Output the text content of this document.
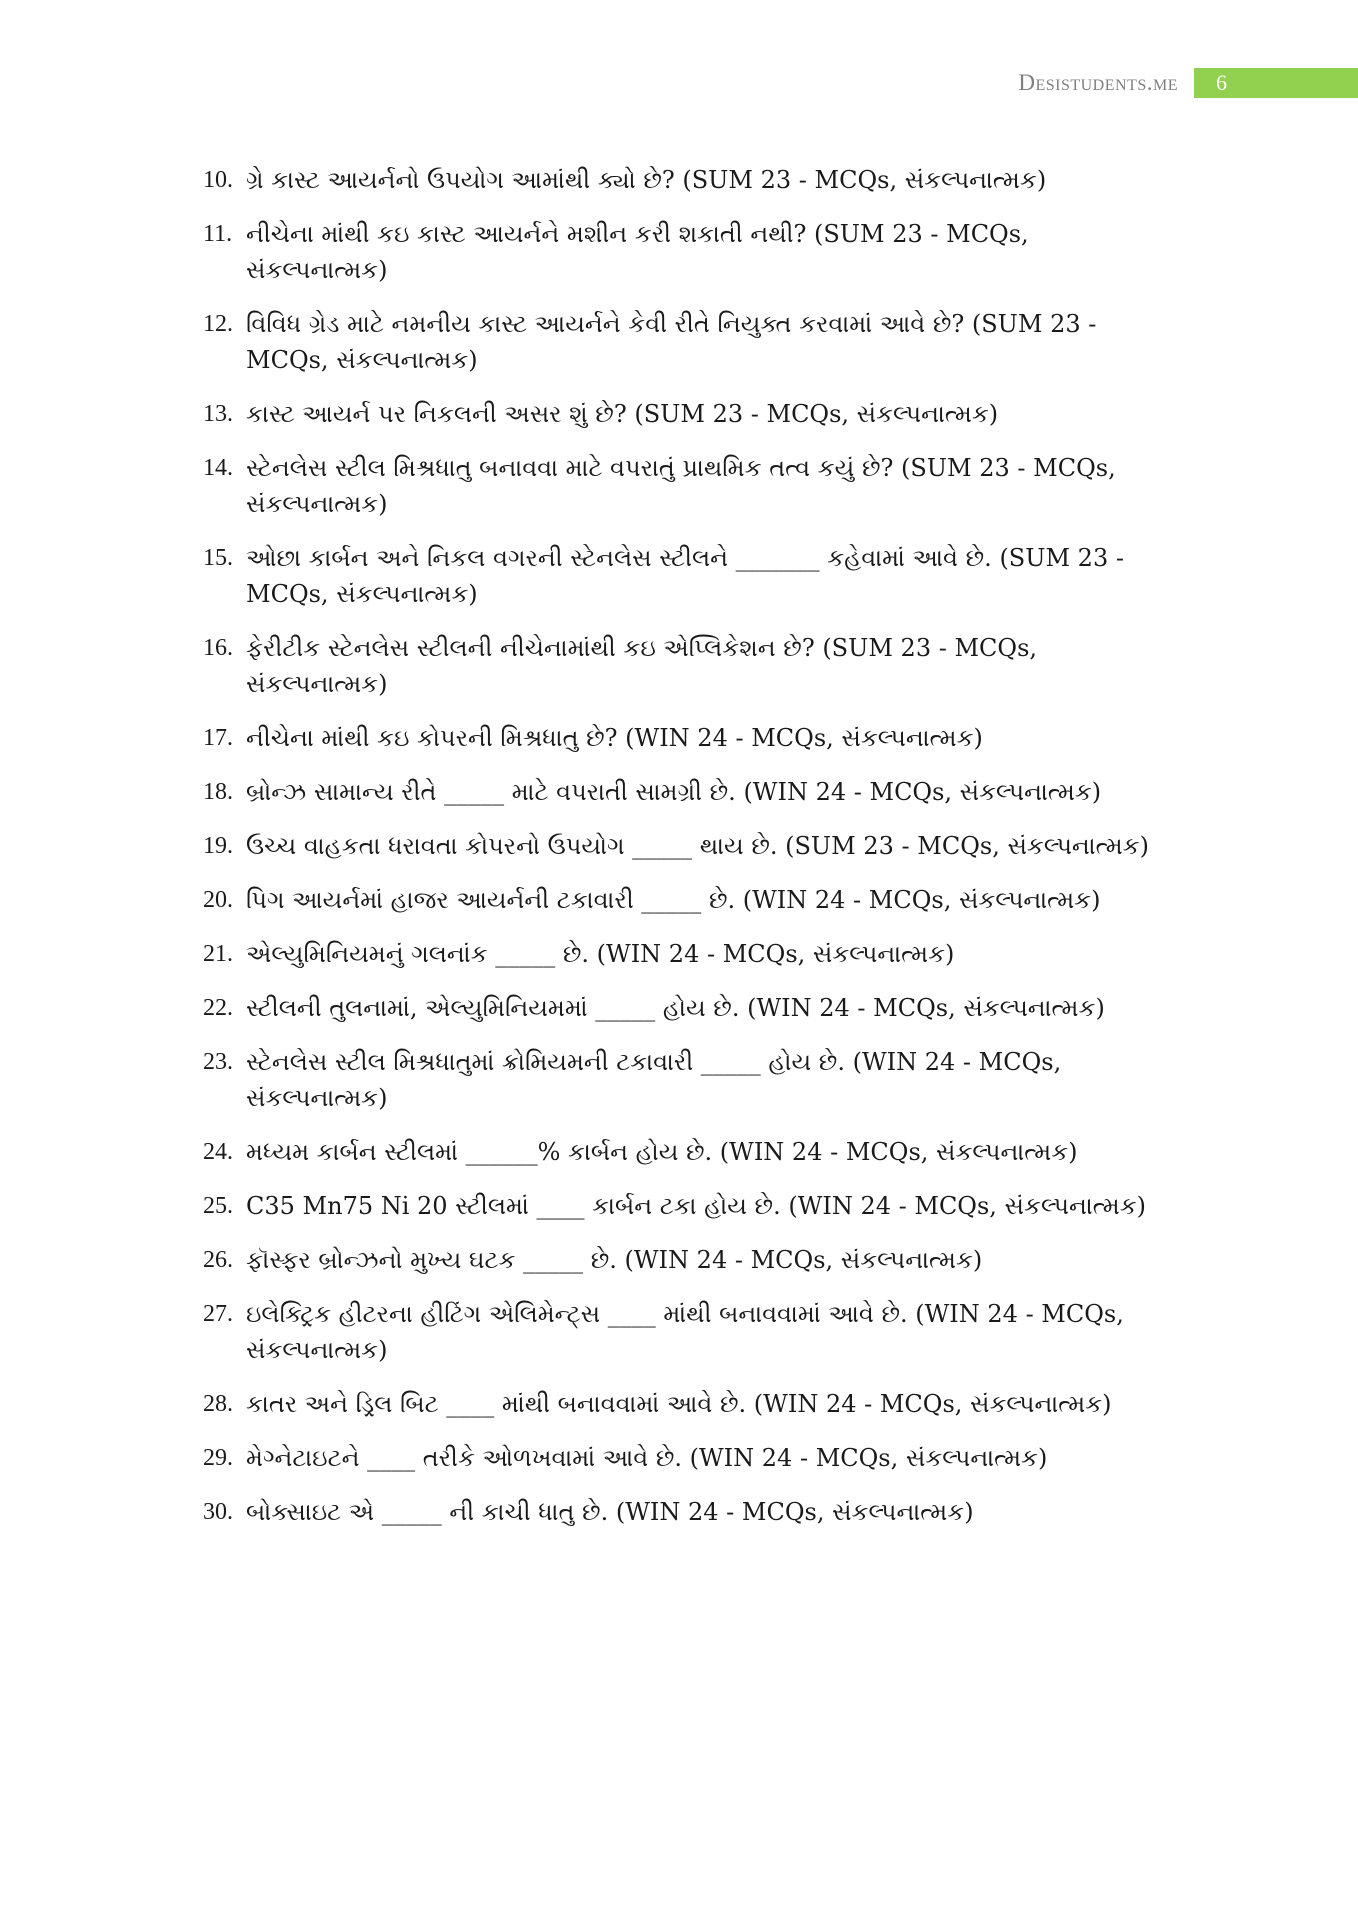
Desistudents.me	6
10. ગ્રે કાસ્ટ આયર્નનો ઉપયોગ આમાંથી ક્યો છે? (SUM 23 - MCQs, સંકલ્પનાત્મક)
11. નીચેના માંથી કઇ કાસ્ટ આયર્નને મશીન કરી શકાતી નથી? (SUM 23 - MCQs, સંકલ્પનાત્મક)
12. વિવિધ ગ્રેડ માટે નમનીય કાસ્ટ આયર્નને કેવી રીતે નિયુક્ત કરવામાં આવે છે? (SUM 23 - MCQs, સંકલ્પનાત્મક)
13. કાસ્ટ આયર્ન પર નિકલની અસર શું છે? (SUM 23 - MCQs, સંકલ્પનાત્મક)
14. સ્ટેનલેસ સ્ટીલ મિશ્રધાતુ બનાવવા માટે વપરાતું પ્રાથમિક તત્વ કયું છે? (SUM 23 - MCQs, સંકલ્પનાત્મક)
15. ઓછા કાર્બન અને નિકલ વગરની સ્ટેનલેસ સ્ટીલને _______ કહેવામાં આવે છે. (SUM 23 - MCQs, સંકલ્પનાત્મક)
16. ફેરીટીક સ્ટેનલેસ સ્ટીલની નીચેનામાંથી કઇ એપ્લિકેશન છે? (SUM 23 - MCQs, સંકલ્પનાત્મક)
17. નીચેના માંથી કઇ કોપરની મિશ્રધાતુ છે? (WIN 24 - MCQs, સંકલ્પનાત્મક)
18. બ્રોન્ઝ સામાન્ય રીતે _____ માટે વપરાતી સામગ્રી છે. (WIN 24 - MCQs, સંકલ્પનાત્મક)
19. ઉચ્ચ વાહકતા ધરાવતા કોપરનો ઉપયોગ _____ થાય છે. (SUM 23 - MCQs, સંકલ્પનાત્મક)
20. પિગ આયર્નમાં હાજર આયર્નની ટકાવારી _____ છે. (WIN 24 - MCQs, સંકલ્પનાત્મક)
21. એલ્યુમિનિયમનું ગલનાંક _____ છે. (WIN 24 - MCQs, સંકલ્પનાત્મક)
22. સ્ટીલની તુલનામાં, એલ્યુમિનિયમમાં _____ હોય છે. (WIN 24 - MCQs, સંકલ્પનાત્મક)
23. સ્ટેનલેસ સ્ટીલ મિશ્રધાતુમાં ક્રોમિયમની ટકાવારી _____ હોય છે. (WIN 24 - MCQs, સંકલ્પનાત્મક)
24. મધ્યમ કાર્બન સ્ટીલમાં ______% કાર્બન હોય છે. (WIN 24 - MCQs, સંકલ્પનાત્મક)
25. C35 Mn75 Ni 20 સ્ટીલમાં ____ કાર્બન ટકા હોય છે. (WIN 24 - MCQs, સંકલ્પનાત્મક)
26. ફૉસ્ફર બ્રોન્ઝનો મુખ્ય ઘટક _____ છે. (WIN 24 - MCQs, સંકલ્પનાત્મક)
27. ઇલેક્ટ્રિક હીટરના હીટિંગ એલિમેન્ટ્સ ____ માંથી બનાવવામાં આવે છે. (WIN 24 - MCQs, સંકલ્પનાત્મક)
28. કાતર અને ડ્રિલ બિટ ____ માંથી બનાવવામાં આવે છે. (WIN 24 - MCQs, સંકલ્પનાત્મક)
29. મેગ્નેટાઇટને ____ તરીકે ઓળખવામાં આવે છે. (WIN 24 - MCQs, સંકલ્પનાત્મક)
30. બોક્સાઇટ એ _____ ની કાચી ધાતુ છે. (WIN 24 - MCQs, સંકલ્પનાત્મક)
